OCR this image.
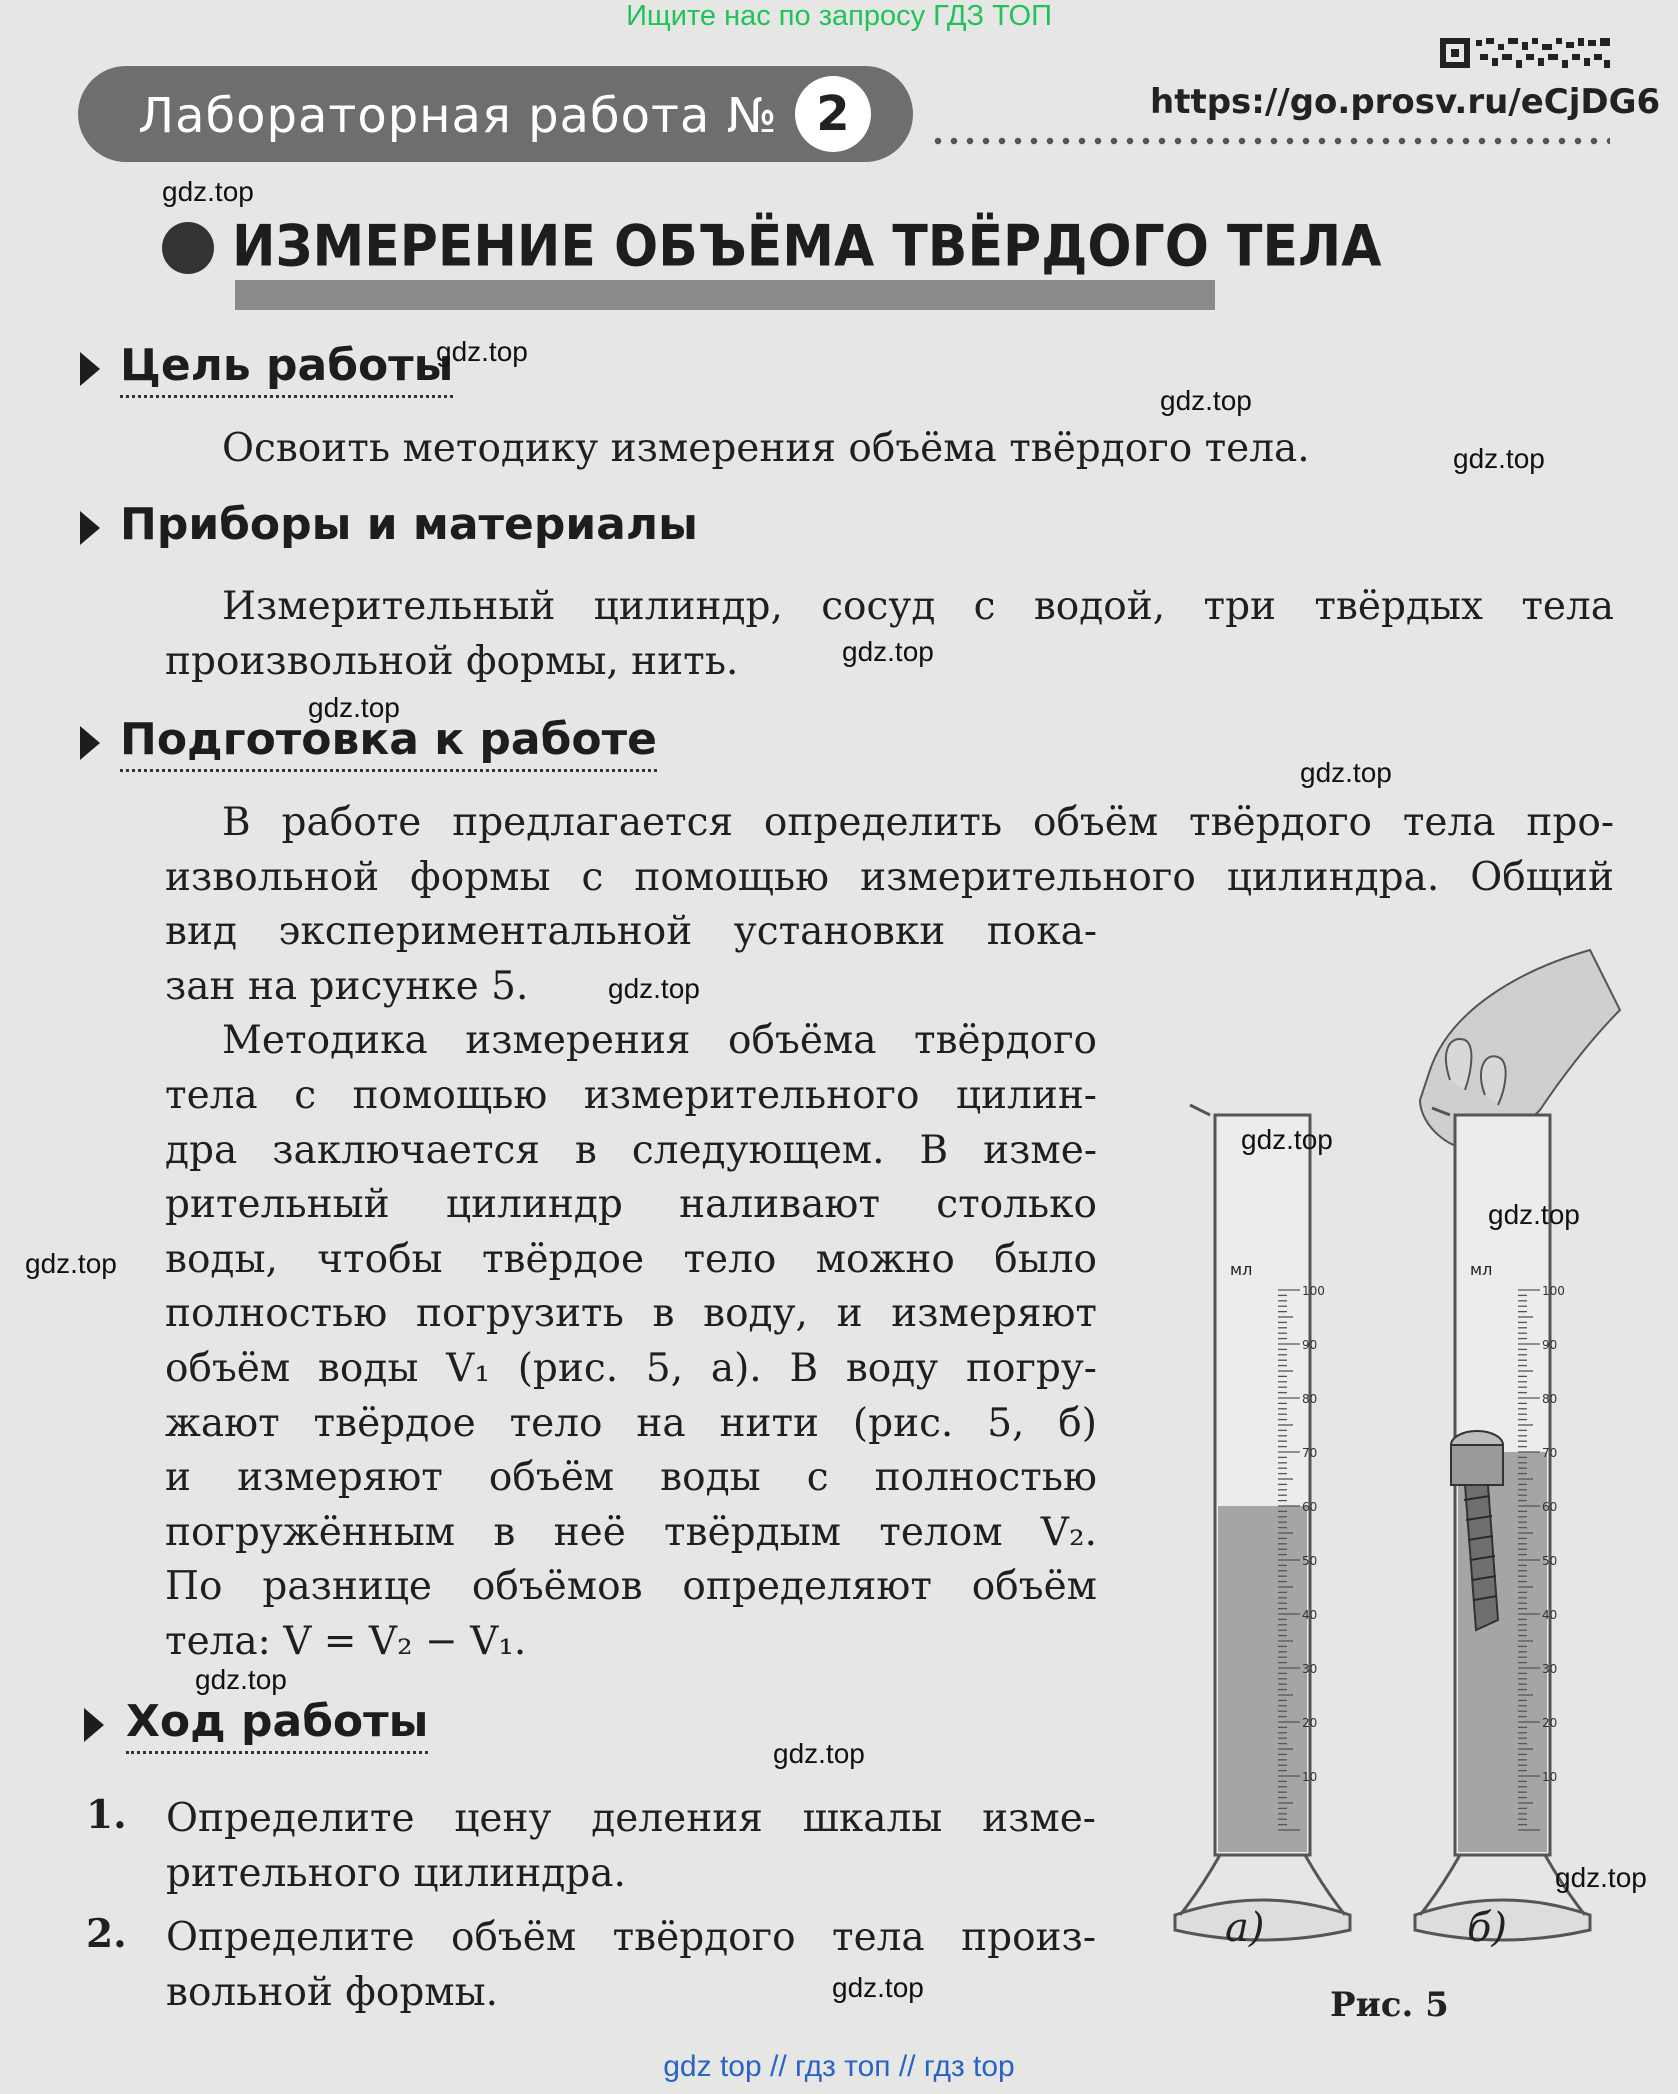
Ищите нас по запросу ГДЗ ТОП
Лабораторная работа № 2	https://go.prosv.ru/eCjDG6
ИЗМЕРЕНИЕ ОБЪЁМА ТВЁРДОГО ТЕЛА
Цель работы
Освоить методику измерения объёма твёрдого тела.
Приборы и материалы
Измерительный цилиндр, сосуд с водой, три твёрдых тела
произвольной формы, нить.
Подготовка к работе
В работе предлагается определить объём твёрдого тела про-
извольной формы с помощью измерительного цилиндра. Общий
вид экспериментальной установки пока-
зан на рисунке 5.
Методика измерения объёма твёрдого
тела с помощью измерительного цилин-
дра заключается в следующем. В изме-
рительный цилиндр наливают столько
воды, чтобы твёрдое тело можно было
полностью погрузить в воду, и измеряют
объём воды V₁ (рис. 5, а). В воду погру-
жают твёрдое тело на нити (рис. 5, б)
и измеряют объём воды с полностью
погружённым в неё твёрдым телом V₂.
По разнице объёмов определяют объём
тела: V = V₂ − V₁.
Ход работы
1. Определите цену деления шкалы изме-
рительного цилиндра.
2. Определите объём твёрдого тела произ-
вольной формы.
100
90
80
70
60
50
40
30
20
10
мл
100
90
80
70
60
50
40
30
20
10
мл
а)	б)
Рис. 5
gdz.top
gdz.top
gdz.top
gdz.top
gdz.top
gdz.top
gdz.top
gdz.top
gdz.top
gdz.top
gdz.top
gdz.top
gdz.top
gdz.top
gdz.top
gdz top // гдз топ // гдз top
